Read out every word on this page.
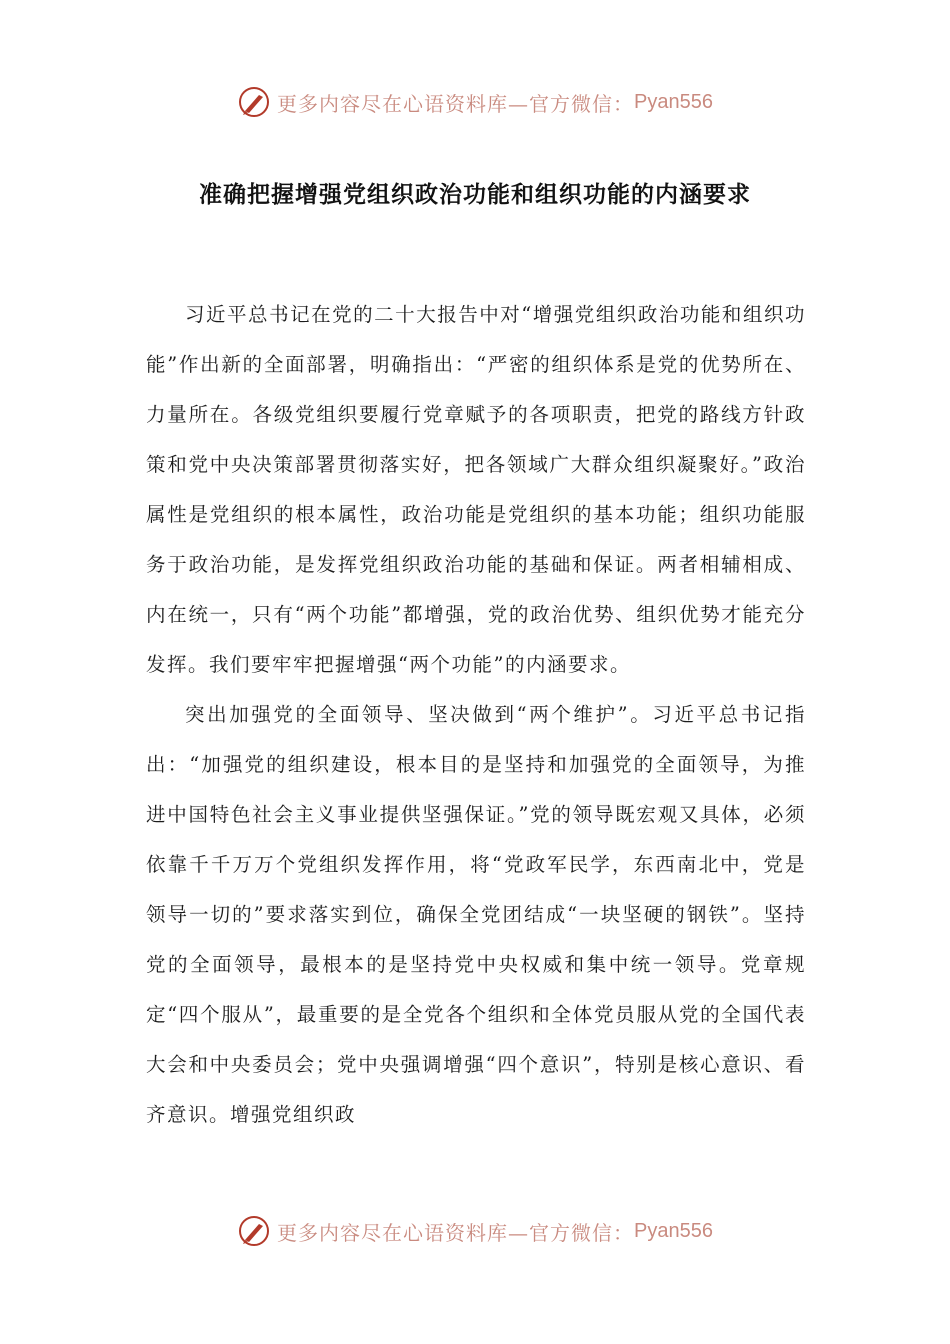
更多内容尽在心语资料库—官方微信： Pyan556
准确把握增强党组织政治功能和组织功能的内涵要求

习近平总书记在党的二十大报告中对“增强党组织政治功能和组织功能”作出新的全面部署，明确指出：“严密的组织体系是党的优势所在、力量所在。各级党组织要履行党章赋予的各项职责，把党的路线方针政策和党中央决策部署贯彻落实好，把各领域广大群众组织凝聚好。”政治属性是党组织的根本属性，政治功能是党组织的基本功能；组织功能服务于政治功能，是发挥党组织政治功能的基础和保证。两者相辅相成、内在统一，只有“两个功能”都增强，党的政治优势、组织优势才能充分发挥。我们要牢牢把握增强“两个功能”的内涵要求。

突出加强党的全面领导、坚决做到“两个维护”。习近平总书记指出：“加强党的组织建设，根本目的是坚持和加强党的全面领导，为推进中国特色社会主义事业提供坚强保证。”党的领导既宏观又具体，必须依靠千千万万个党组织发挥作用，将“党政军民学，东西南北中，党是领导一切的”要求落实到位，确保全党团结成“一块坚硬的钢铁”。坚持党的全面领导，最根本的是坚持党中央权威和集中统一领导。党章规定“四个服从”，最重要的是全党各个组织和全体党员服从党的全国代表大会和中央委员会；党中央强调增强“四个意识”，特别是核心意识、看齐意识。增强党组织政

更多内容尽在心语资料库—官方微信： Pyan556
